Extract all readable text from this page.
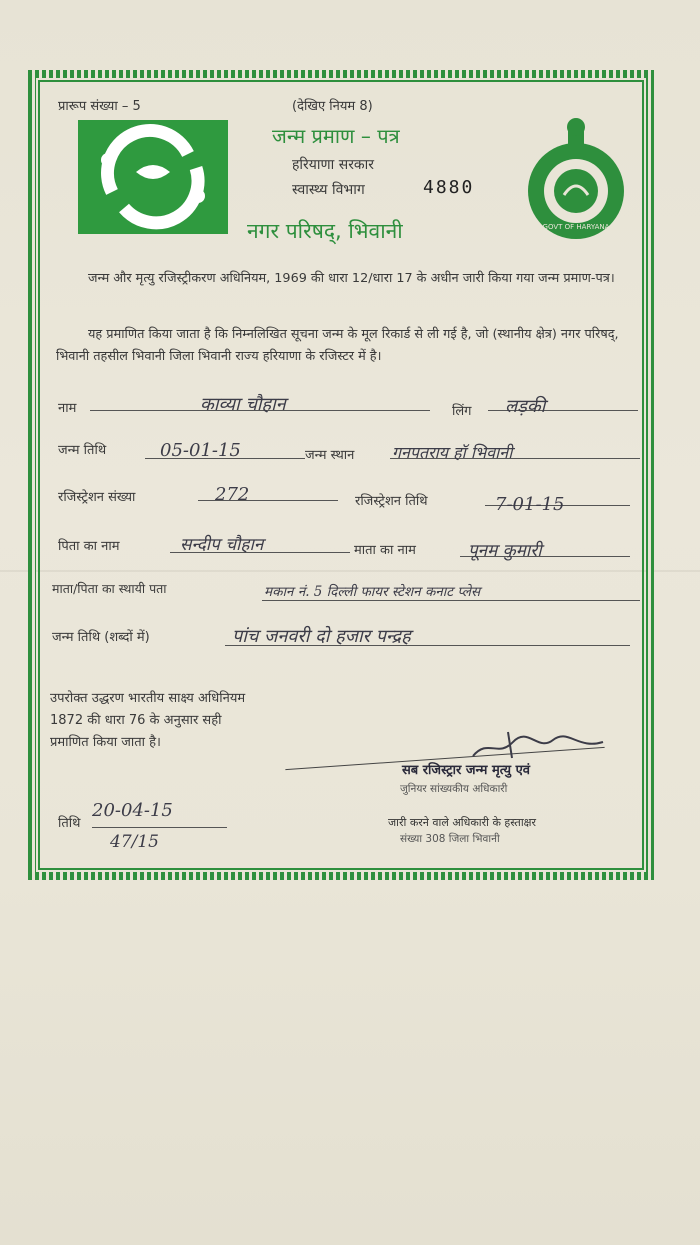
प्रारूप संख्या – 5	(देखिए नियम 8)
जन्म प्रमाण – पत्र
हरियाणा सरकार
स्वास्थ्य विभाग	4880
GOVT OF HARYANA
नगर परिषद्, भिवानी
जन्म और मृत्यु रजिस्ट्रीकरण अधिनियम, 1969 की धारा 12/धारा 17 के अधीन जारी किया गया जन्म प्रमाण-पत्र।
यह प्रमाणित किया जाता है कि निम्नलिखित सूचना जन्म के मूल रिकार्ड से ली गई है, जो (स्थानीय क्षेत्र) नगर परिषद्, भिवानी तहसील भिवानी जिला भिवानी राज्य हरियाणा के रजिस्टर में है।
नाम	काव्या चौहान	लिंग लड़की
जन्म तिथि	05-01-15	जन्म स्थान गनपतराय हॉ भिवानी
रजिस्ट्रेशन संख्या	272	रजिस्ट्रेशन तिथि	7-01-15
पिता का नाम	सन्दीप चौहान	माता का नाम	पूनम कुमारी
माता/पिता का स्थायी पता	मकान नं. 5 दिल्ली फायर स्टेशन कनाट प्लेस
जन्म तिथि (शब्दों में)	पांच जनवरी दो हजार पन्द्रह
उपरोक्त उद्धरण भारतीय साक्ष्य अधिनियम
1872 की धारा 76 के अनुसार सही
प्रमाणित किया जाता है।
सब रजिस्ट्रार जन्म मृत्यु एवं
जुनियर सांख्यकीय अधिकारी
जारी करने वाले अधिकारी के हस्ताक्षर
संख्या 308 जिला भिवानी
तिथि
20-04-15
47/15
